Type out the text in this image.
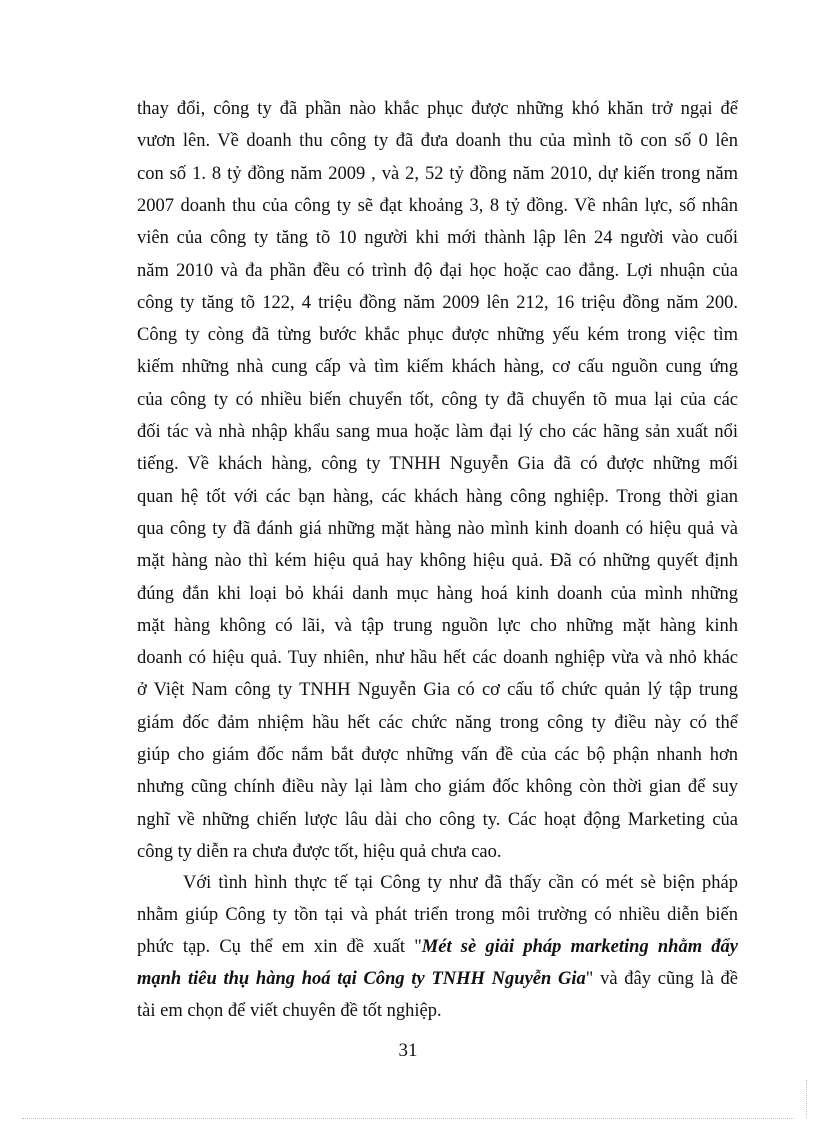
thay đổi, công ty đã phần nào khắc phục được những khó khăn trở ngại để
vươn lên. Về doanh thu công ty đã đưa doanh thu của mình tõ con số 0 lên
con số 1. 8 tỷ đồng năm 2009 , và 2, 52 tỷ đồng năm 2010, dự kiến trong năm
2007 doanh thu của công ty sẽ đạt khoảng 3, 8 tỷ đồng. Về nhân lực, số nhân
viên của công ty tăng tõ 10 người khi mới thành lập lên 24 người vào cuối
năm 2010 và đa phần đều có trình độ đại học hoặc cao đẳng. Lợi nhuận của
công ty tăng tõ 122, 4 triệu đồng năm 2009 lên 212, 16 triệu đồng năm 200.
Công ty còng đã từng bước khắc phục được những yếu kém trong việc tìm
kiếm những nhà cung cấp và tìm kiếm khách hàng, cơ cấu nguồn cung ứng
của công ty có nhiều biến chuyển tốt, công ty đã chuyển tõ mua lại của các
đối tác và nhà nhập khẩu sang mua hoặc làm đại lý cho các hãng sản xuất nổi
tiếng. Về khách hàng, công ty TNHH Nguyễn Gia đã có được những mối
quan hệ tốt với các bạn hàng, các khách hàng công nghiệp. Trong thời gian
qua công ty đã đánh giá những mặt hàng nào mình kinh doanh có hiệu quả và
mặt hàng nào thì kém hiệu quả hay không hiệu quả. Đã có những quyết định
đúng đắn khi loại bỏ khái danh mục hàng hoá kinh doanh của mình những
mặt hàng không có lãi, và tập trung nguồn lực cho những mặt hàng kinh
doanh có hiệu quả. Tuy nhiên, như hầu hết các doanh nghiệp vừa và nhỏ khác
ở Việt Nam công ty TNHH Nguyễn Gia có cơ cấu tổ chức quản lý tập trung
giám đốc đảm nhiệm hầu hết các chức năng trong công ty điều này có thể
giúp cho giám đốc nắm bắt được những vấn đề của các bộ phận nhanh hơn
nhưng cũng chính điều này lại làm cho giám đốc không còn thời gian để suy
nghĩ về những chiến lược lâu dài cho công ty. Các hoạt động Marketing của
công ty diễn ra chưa được tốt, hiệu quả chưa cao.
Với tình hình thực tế tại Công ty như đã thấy cần có mét sè biện pháp
nhằm giúp Công ty tồn tại và phát triển trong môi trường có nhiều diễn biến
phức tạp. Cụ thể em xin đề xuất "Mét sè giải pháp marketing nhằm đẩy
mạnh tiêu thụ hàng hoá tại Công ty TNHH Nguyễn Gia" và đây cũng là đề
tài em chọn để viết chuyên đề tốt nghiệp.
31
